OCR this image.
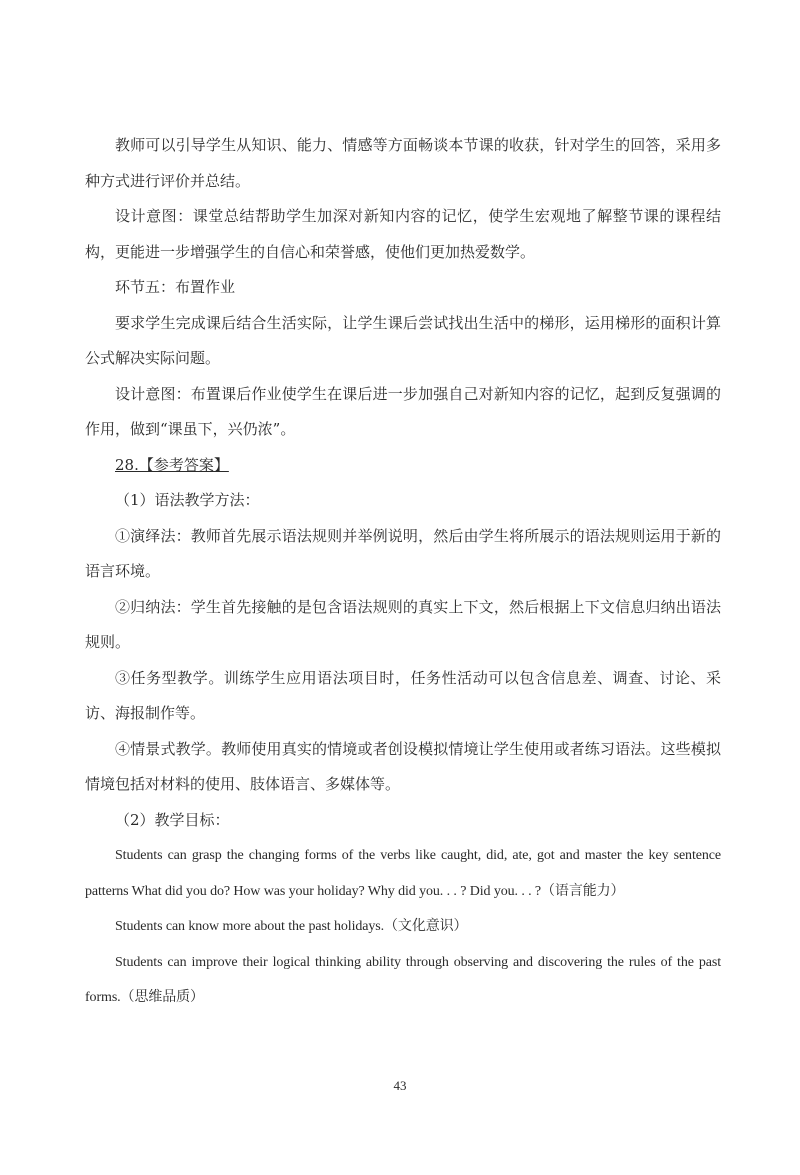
教师可以引导学生从知识、能力、情感等方面畅谈本节课的收获，针对学生的回答，采用多种方式进行评价并总结。

设计意图：课堂总结帮助学生加深对新知内容的记忆，使学生宏观地了解整节课的课程结构，更能进一步增强学生的自信心和荣誉感，使他们更加热爱数学。

环节五：布置作业

要求学生完成课后结合生活实际，让学生课后尝试找出生活中的梯形，运用梯形的面积计算公式解决实际问题。

设计意图：布置课后作业使学生在课后进一步加强自己对新知内容的记忆，起到反复强调的作用，做到“课虽下，兴仍浓”。

28.【参考答案】

（1）语法教学方法：

①演绎法：教师首先展示语法规则并举例说明，然后由学生将所展示的语法规则运用于新的语言环境。

②归纳法：学生首先接触的是包含语法规则的真实上下文，然后根据上下文信息归纳出语法规则。

③任务型教学。训练学生应用语法项目时，任务性活动可以包含信息差、调查、讨论、采访、海报制作等。

④情景式教学。教师使用真实的情境或者创设模拟情境让学生使用或者练习语法。这些模拟情境包括对材料的使用、肢体语言、多媒体等。

（2）教学目标：

Students can grasp the changing forms of the verbs like caught, did, ate, got and master the key sentence patterns What did you do? How was your holiday? Why did you. . . ? Did you. . . ?（语言能力）

Students can know more about the past holidays.（文化意识）

Students can improve their logical thinking ability through observing and discovering the rules of the past forms.（思维品质）

43
